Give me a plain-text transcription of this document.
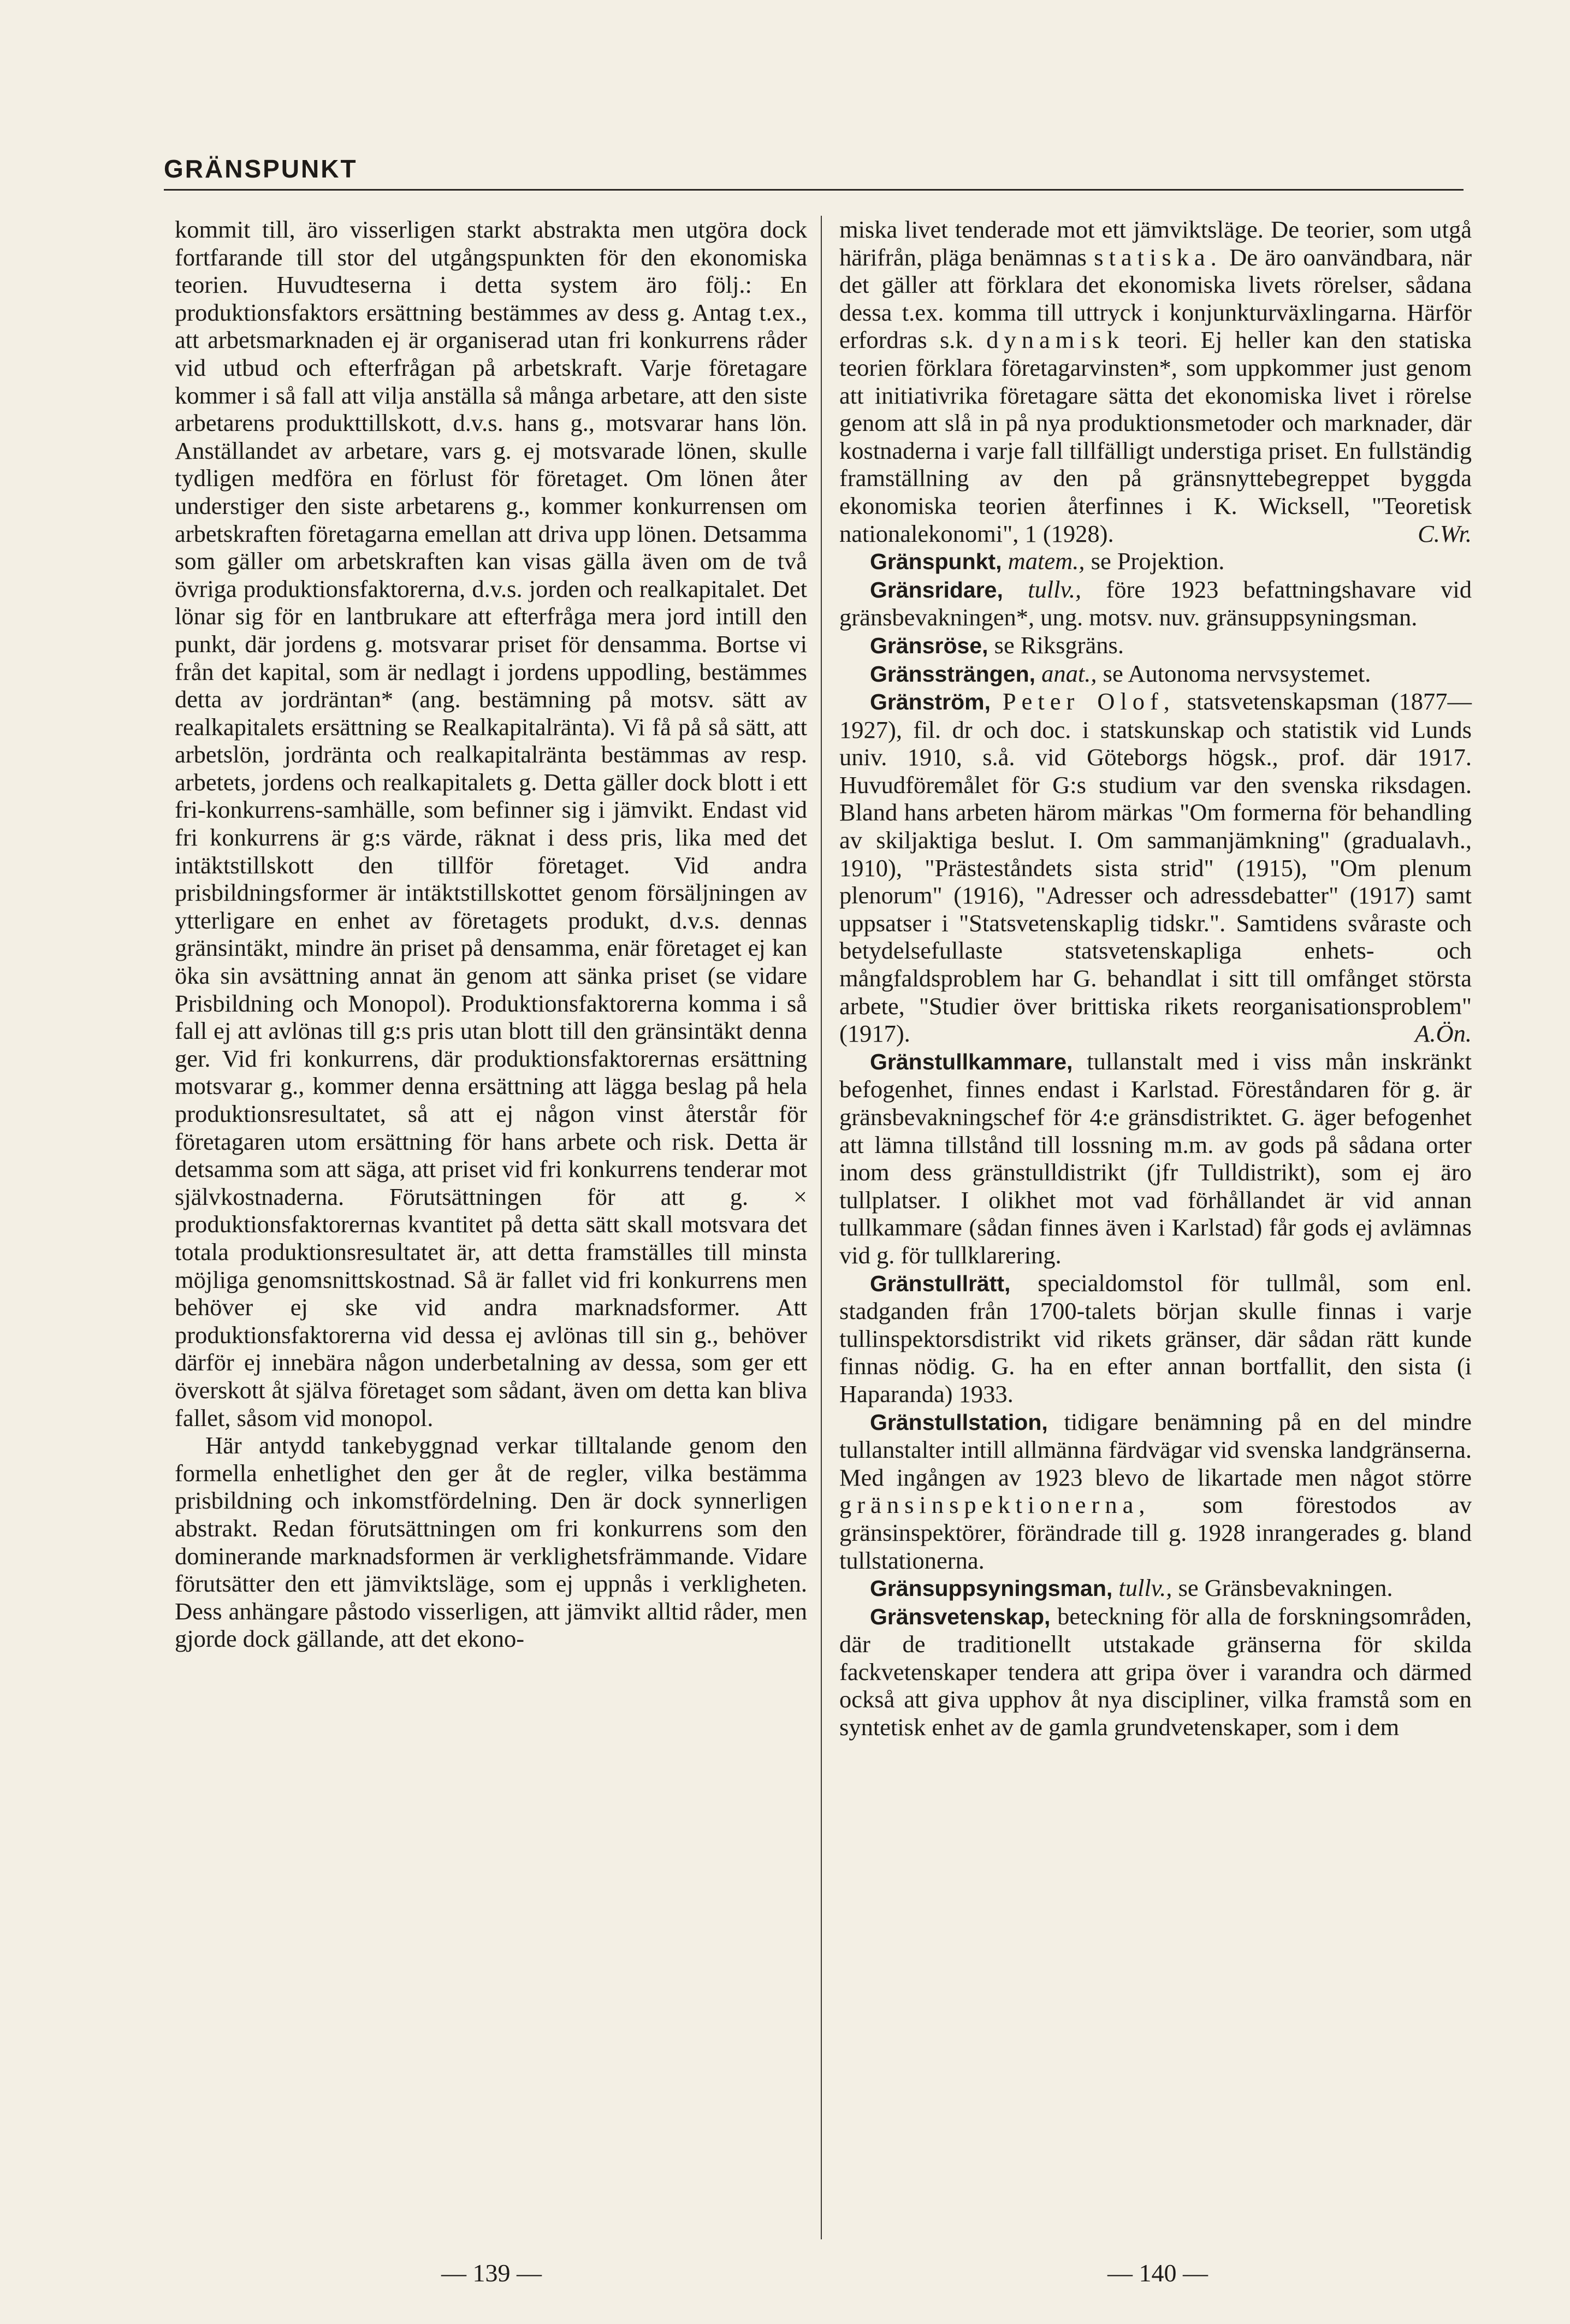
GRÄNSPUNKT

kommit till, äro visserligen starkt abstrakta men utgöra dock fortfarande till stor del utgångspunkten för den ekonomiska teorien. Huvudteserna i detta system äro följ.: En produktionsfaktors ersättning bestämmes av dess g. Antag t.ex., att arbetsmarknaden ej är organiserad utan fri konkurrens råder vid utbud och efterfrågan på arbetskraft. Varje företagare kommer i så fall att vilja anställa så många arbetare, att den siste arbetarens produkttillskott, d.v.s. hans g., motsvarar hans lön. Anställandet av arbetare, vars g. ej motsvarade lönen, skulle tydligen medföra en förlust för företaget. Om lönen åter understiger den siste arbetarens g., kommer konkurrensen om arbetskraften företagarna emellan att driva upp lönen. Detsamma som gäller om arbetskraften kan visas gälla även om de två övriga produktionsfaktorerna, d.v.s. jorden och realkapitalet. Det lönar sig för en lantbrukare att efterfråga mera jord intill den punkt, där jordens g. motsvarar priset för densamma. Bortse vi från det kapital, som är nedlagt i jordens uppodling, bestämmes detta av jordräntan* (ang. bestämning på motsv. sätt av realkapitalets ersättning se Realkapitalränta). Vi få på så sätt, att arbetslön, jordränta och realkapitalränta bestämmas av resp. arbetets, jordens och realkapitalets g. Detta gäller dock blott i ett fri-konkurrens-samhälle, som befinner sig i jämvikt. Endast vid fri konkurrens är g:s värde, räknat i dess pris, lika med det intäktstillskott den tillför företaget. Vid andra prisbildningsformer är intäktstillskottet genom försäljningen av ytterligare en enhet av företagets produkt, d.v.s. dennas gränsintäkt, mindre än priset på densamma, enär företaget ej kan öka sin avsättning annat än genom att sänka priset (se vidare Prisbildning och Monopol). Produktionsfaktorerna komma i så fall ej att avlönas till g:s pris utan blott till den gränsintäkt denna ger. Vid fri konkurrens, där produktionsfaktorernas ersättning motsvarar g., kommer denna ersättning att lägga beslag på hela produktionsresultatet, så att ej någon vinst återstår för företagaren utom ersättning för hans arbete och risk. Detta är detsamma som att säga, att priset vid fri konkurrens tenderar mot självkostnaderna. Förutsättningen för att g. × produktionsfaktorernas kvantitet på detta sätt skall motsvara det totala produktionsresultatet är, att detta framställes till minsta möjliga genomsnittskostnad. Så är fallet vid fri konkurrens men behöver ej ske vid andra marknadsformer. Att produktionsfaktorerna vid dessa ej avlönas till sin g., behöver därför ej innebära någon underbetalning av dessa, som ger ett överskott åt själva företaget som sådant, även om detta kan bliva fallet, såsom vid monopol.

Här antydd tankebyggnad verkar tilltalande genom den formella enhetlighet den ger åt de regler, vilka bestämma prisbildning och inkomstfördelning. Den är dock synnerligen abstrakt. Redan förutsättningen om fri konkurrens som den dominerande marknadsformen är verklighetsfrämmande. Vidare förutsätter den ett jämviktsläge, som ej uppnås i verkligheten. Dess anhängare påstodo visserligen, att jämvikt alltid råder, men gjorde dock gällande, att det ekono-

miska livet tenderade mot ett jämviktsläge. De teorier, som utgå härifrån, pläga benämnas statiska. De äro oanvändbara, när det gäller att förklara det ekonomiska livets rörelser, sådana dessa t.ex. komma till uttryck i konjunkturväxlingarna. Härför erfordras s.k. dynamisk teori. Ej heller kan den statiska teorien förklara företagarvinsten*, som uppkommer just genom att initiativrika företagare sätta det ekonomiska livet i rörelse genom att slå in på nya produktionsmetoder och marknader, där kostnaderna i varje fall tillfälligt understiga priset. En fullständig framställning av den på gränsnyttebegreppet byggda ekonomiska teorien återfinnes i K. Wicksell, "Teoretisk nationalekonomi", 1 (1928).	C.Wr.

Gränspunkt, matem., se Projektion.

Gränsridare, tullv., före 1923 befattningshavare vid gränsbevakningen*, ung. motsv. nuv. gränsuppsyningsman.

Gränsröse, se Riksgräns.

Gränssträngen, anat., se Autonoma nervsystemet.

Gränström, Peter Olof, statsvetenskapsman (1877—1927), fil. dr och doc. i statskunskap och statistik vid Lunds univ. 1910, s.å. vid Göteborgs högsk., prof. där 1917. Huvudföremålet för G:s studium var den svenska riksdagen. Bland hans arbeten härom märkas "Om formerna för behandling av skiljaktiga beslut. I. Om sammanjämkning" (gradualavh., 1910), "Prästeståndets sista strid" (1915), "Om plenum plenorum" (1916), "Adresser och adressdebatter" (1917) samt uppsatser i "Statsvetenskaplig tidskr.". Samtidens svåraste och betydelsefullaste statsvetenskapliga enhets- och mångfaldsproblem har G. behandlat i sitt till omfånget största arbete, "Studier över brittiska rikets reorganisationsproblem" (1917).	A.Ön.

Gränstullkammare, tullanstalt med i viss mån inskränkt befogenhet, finnes endast i Karlstad. Föreståndaren för g. är gränsbevakningschef för 4:e gränsdistriktet. G. äger befogenhet att lämna tillstånd till lossning m.m. av gods på sådana orter inom dess gränstulldistrikt (jfr Tulldistrikt), som ej äro tullplatser. I olikhet mot vad förhållandet är vid annan tullkammare (sådan finnes även i Karlstad) får gods ej avlämnas vid g. för tullklarering.

Gränstullrätt, specialdomstol för tullmål, som enl. stadganden från 1700-talets början skulle finnas i varje tullinspektorsdistrikt vid rikets gränser, där sådan rätt kunde finnas nödig. G. ha en efter annan bortfallit, den sista (i Haparanda) 1933.

Gränstullstation, tidigare benämning på en del mindre tullanstalter intill allmänna färdvägar vid svenska landgränserna. Med ingången av 1923 blevo de likartade men något större gränsinspektionerna, som förestodos av gränsinspektörer, förändrade till g. 1928 inrangerades g. bland tullstationerna.

Gränsuppsyningsman, tullv., se Gränsbevakningen.

Gränsvetenskap, beteckning för alla de forskningsområden, där de traditionellt utstakade gränserna för skilda fackvetenskaper tendera att gripa över i varandra och därmed också att giva upphov åt nya discipliner, vilka framstå som en syntetisk enhet av de gamla grundvetenskaper, som i dem

— 139 —	— 140 —
